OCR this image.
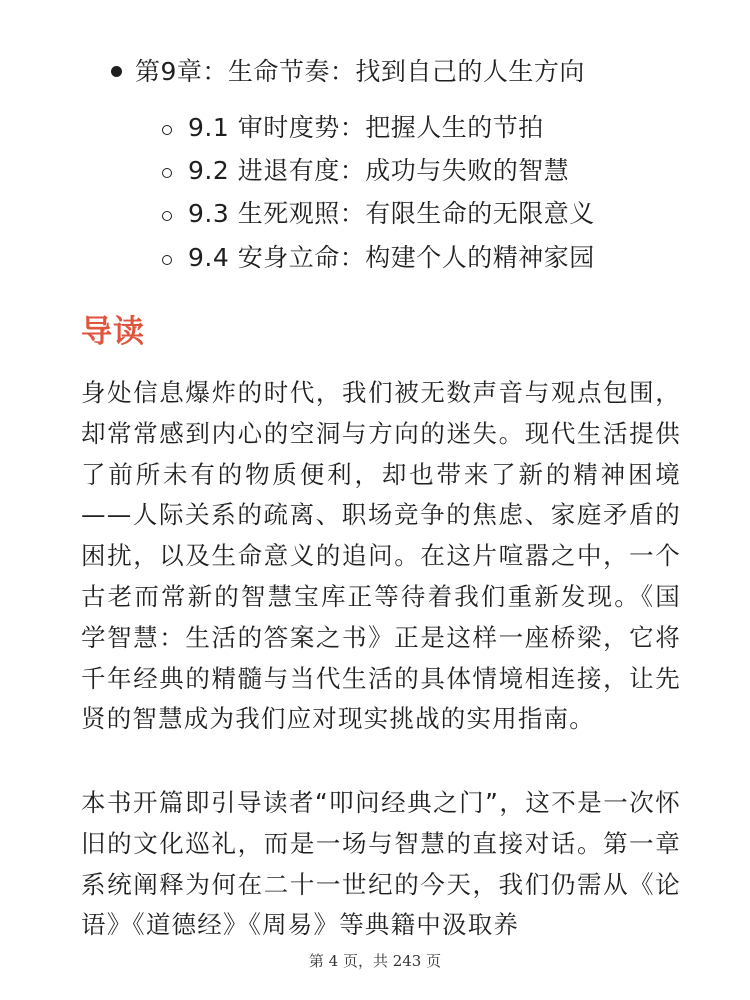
第9章：生命节奏：找到自己的人生方向
9.1 审时度势：把握人生的节拍
9.2 进退有度：成功与失败的智慧
9.3 生死观照：有限生命的无限意义
9.4 安身立命：构建个人的精神家园
导读

身处信息爆炸的时代，我们被无数声音与观点包围，却常常感到内心的空洞与方向的迷失。现代生活提供了前所未有的物质便利，却也带来了新的精神困境——人际关系的疏离、职场竞争的焦虑、家庭矛盾的困扰，以及生命意义的追问。在这片喧嚣之中，一个古老而常新的智慧宝库正等待着我们重新发现。《国学智慧：生活的答案之书》正是这样一座桥梁，它将千年经典的精髓与当代生活的具体情境相连接，让先贤的智慧成为我们应对现实挑战的实用指南。

本书开篇即引导读者“叩问经典之门”，这不是一次怀旧的文化巡礼，而是一场与智慧的直接对话。第一章系统阐释为何在二十一世纪的今天，我们仍需从《论语》《道德经》《周易》等典籍中汲取养

第 4 页，共 243 页
